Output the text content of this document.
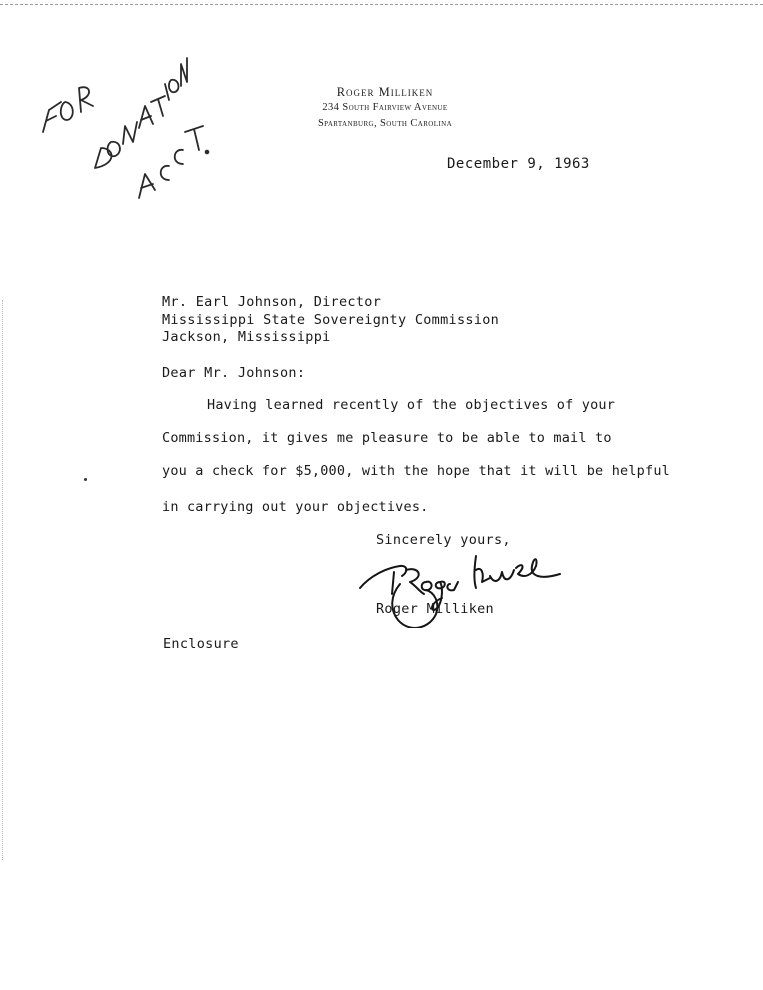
Roger Milliken
234 South Fairview Avenue
Spartanburg, South Carolina
December 9, 1963
Mr. Earl Johnson, Director
Mississippi State Sovereignty Commission
Jackson, Mississippi
Dear Mr. Johnson:
Having learned recently of the objectives of your
Commission, it gives me pleasure to be able to mail to
you a check for $5,000, with the hope that it will be helpful
in carrying out your objectives.
Sincerely yours,
Roger Milliken
Enclosure
